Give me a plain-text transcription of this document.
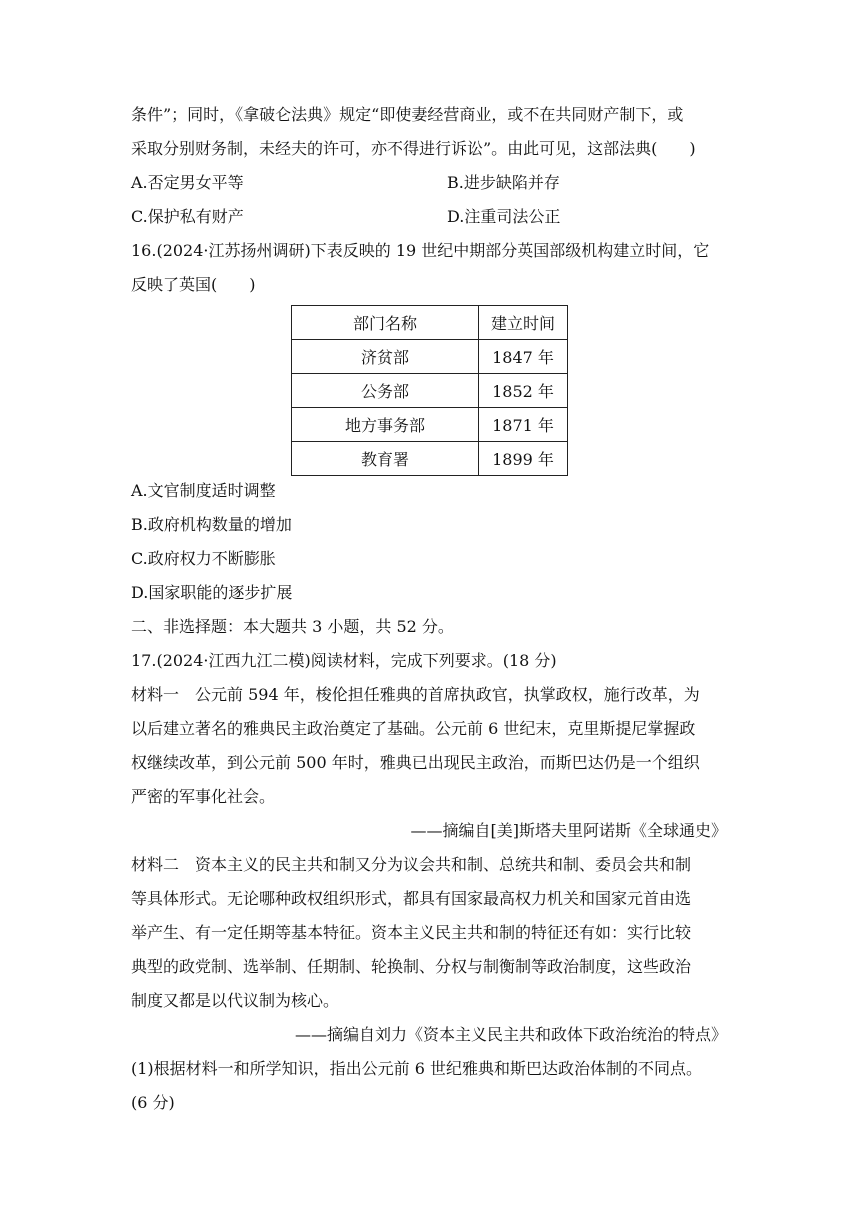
条件”；同时，《拿破仑法典》规定“即使妻经营商业，或不在共同财产制下，或
采取分别财务制，未经夫的许可，亦不得进行诉讼”。由此可见，这部法典(　　)
A.否定男女平等	B.进步缺陷并存
C.保护私有财产	D.注重司法公正
16.(2024·江苏扬州调研)下表反映的 19 世纪中期部分英国部级机构建立时间，它
反映了英国(　　)
部门名称	建立时间
济贫部	1847 年
公务部	1852 年
地方事务部	1871 年
教育署	1899 年
A.文官制度适时调整
B.政府机构数量的增加
C.政府权力不断膨胀
D.国家职能的逐步扩展
二、非选择题：本大题共 3 小题，共 52 分。
17.(2024·江西九江二模)阅读材料，完成下列要求。(18 分)
材料一　公元前 594 年，梭伦担任雅典的首席执政官，执掌政权，施行改革，为
以后建立著名的雅典民主政治奠定了基础。公元前 6 世纪末，克里斯提尼掌握政
权继续改革，到公元前 500 年时，雅典已出现民主政治，而斯巴达仍是一个组织
严密的军事化社会。
——摘编自[美]斯塔夫里阿诺斯《全球通史》
材料二　资本主义的民主共和制又分为议会共和制、总统共和制、委员会共和制
等具体形式。无论哪种政权组织形式，都具有国家最高权力机关和国家元首由选
举产生、有一定任期等基本特征。资本主义民主共和制的特征还有如：实行比较
典型的政党制、选举制、任期制、轮换制、分权与制衡制等政治制度，这些政治
制度又都是以代议制为核心。
——摘编自刘力《资本主义民主共和政体下政治统治的特点》
(1)根据材料一和所学知识，指出公元前 6 世纪雅典和斯巴达政治体制的不同点。
(6 分)
